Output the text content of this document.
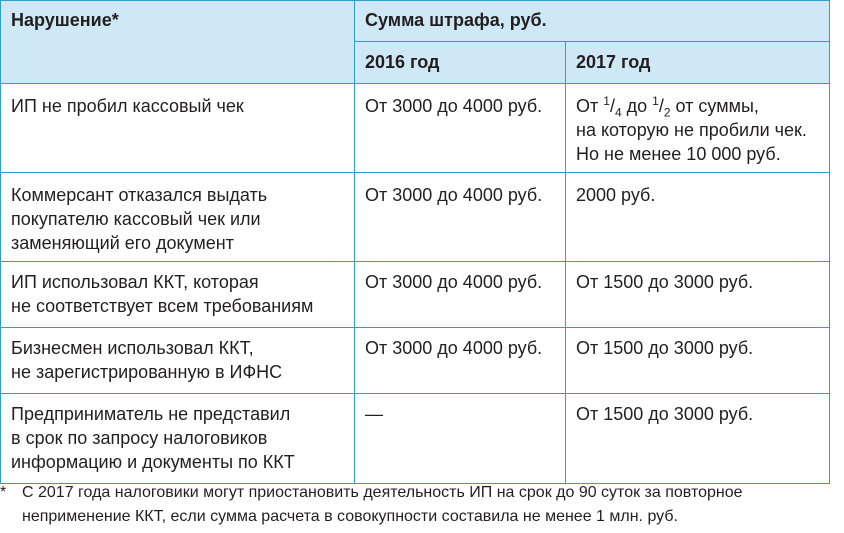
Нарушение*	Сумма штрафа, руб.	
	2016 год	2017 год

ИП не пробил кассовый чек	От 3000 до 4000 руб.	От $^1/_4$ до $^1/_2$ от суммы,
на которую не пробили чек.
Но не менее 10 000 руб.

Коммерсант отказался выдать
покупателю кассовый чек или
заменяющий его документ	От 3000 до 4000 руб.	2000 руб.

ИП использовал ККТ, которая
не соответствует всем требованиям	От 3000 до 4000 руб.	От 1500 до 3000 руб.

Бизнесмен использовал ККТ,
не зарегистрированную в ИФНС	От 3000 до 4000 руб.	От 1500 до 3000 руб.

Предприниматель не представил
в срок по запросу налоговиков
информацию и документы по ККТ	—	От 1500 до 3000 руб.
* С 2017 года налоговики могут приостановить деятельность ИП на срок до 90 суток за повторное
неприменение ККТ, если сумма расчета в совокупности составила не менее 1 млн. руб.
